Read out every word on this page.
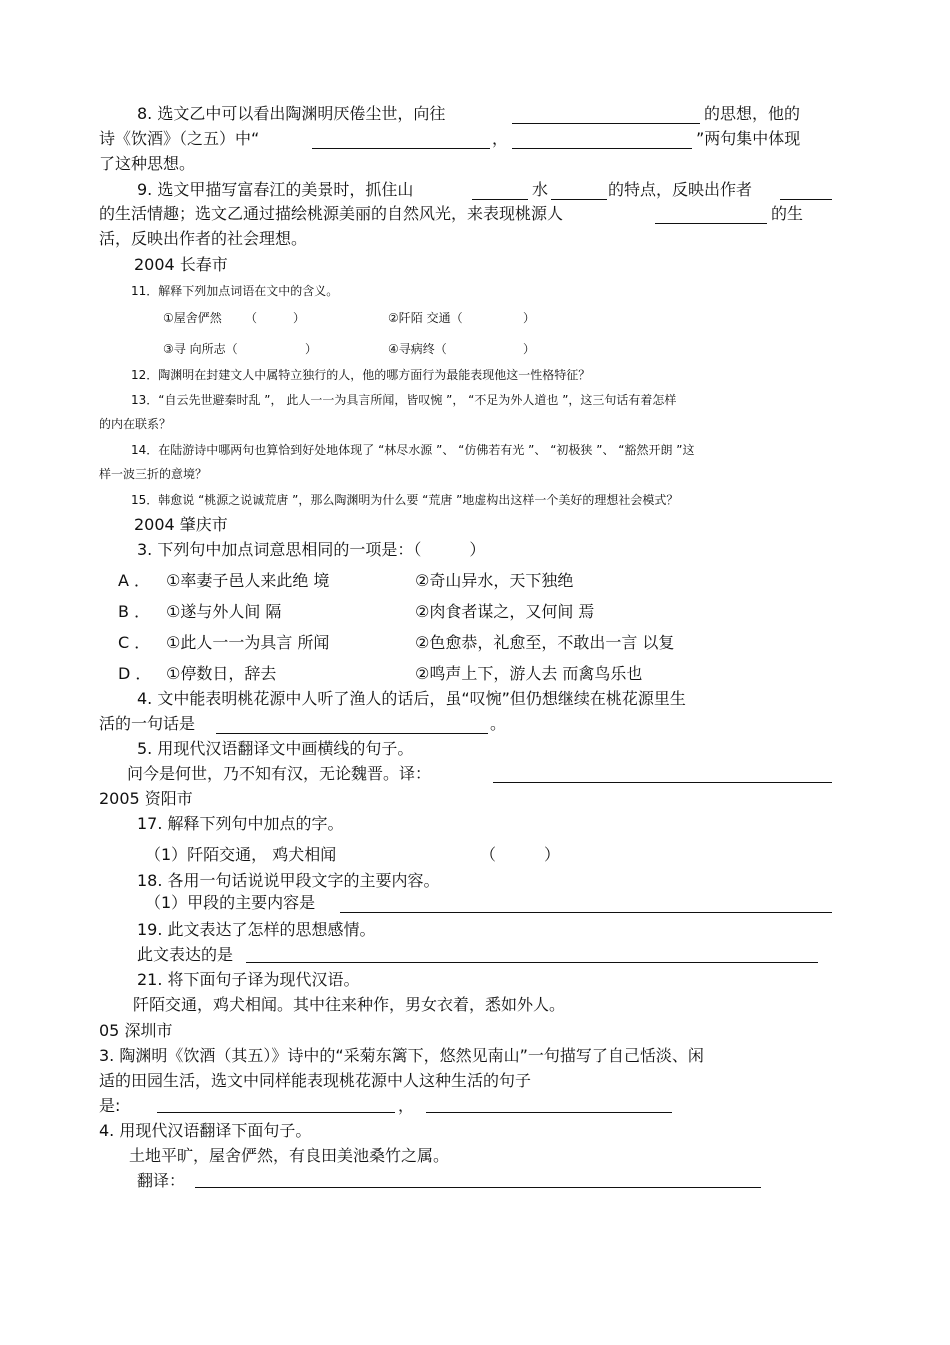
8. 选文乙中可以看出陶渊明厌倦尘世，向往	的思想，他的
诗《饮酒》（之五）中“	，	”两句集中体现
了这种思想。
9. 选文甲描写富春江的美景时，抓住山	水	的特点，反映出作者
的生活情趣；选文乙通过描绘桃源美丽的自然风光，来表现桃源人	的生
活，反映出作者的社会理想。
2004 长春市
11．解释下列加点词语在文中的含义。
①屋舍俨然 （　　　）	②阡陌 交通（	）
③寻 向所志（	）	④寻病终（	）
12．陶渊明在封建文人中属特立独行的人，他的哪方面行为最能表现他这一性格特征？
13．“自云先世避秦时乱 ”， 此人一一为具言所闻，皆叹惋 ”， “不足为外人道也 ”，这三句话有着怎样
的内在联系？
14．在陆游诗中哪两句也算恰到好处地体现了 “林尽水源 ”、 “仿佛若有光 ”、 “初极狭 ”、 “豁然开朗 ”这
样一波三折的意境？
15．韩愈说 “桃源之说诚荒唐 ”，那么陶渊明为什么要 “荒唐 ”地虚构出这样一个美好的理想社会模式？
2004 肇庆市
3. 下列句中加点词意思相同的一项是：（　　　）
A ． ①率妻子邑人来此绝 境	②奇山异水，天下独绝
B ． ①遂与外人间 隔	②肉食者谋之，又何间 焉
C ． ①此人一一为具言 所闻	②色愈恭，礼愈至，不敢出一言 以复
D ． ①停数日，辞去	②鸣声上下，游人去 而禽鸟乐也
4. 文中能表明桃花源中人听了渔人的话后，虽“叹惋”但仍想继续在桃花源里生
活的一句话是	。
5. 用现代汉语翻译文中画横线的句子。
问今是何世，乃不知有汉，无论魏晋。译：
2005 资阳市
17. 解释下列句中加点的字。
（1）阡陌交通， 鸡犬相闻	（　　　）
18. 各用一句话说说甲段文字的主要内容。
（1）甲段的主要内容是
19. 此文表达了怎样的思想感情。
此文表达的是
21. 将下面句子译为现代汉语。
阡陌交通，鸡犬相闻。其中往来种作，男女衣着，悉如外人。
05 深圳市
3. 陶渊明《饮酒（其五）》诗中的“采菊东篱下，悠然见南山”一句描写了自己恬淡、闲
适的田园生活，选文中同样能表现桃花源中人这种生活的句子
是:	，
4. 用现代汉语翻译下面句子。
土地平旷，屋舍俨然，有良田美池桑竹之属。
翻译：
